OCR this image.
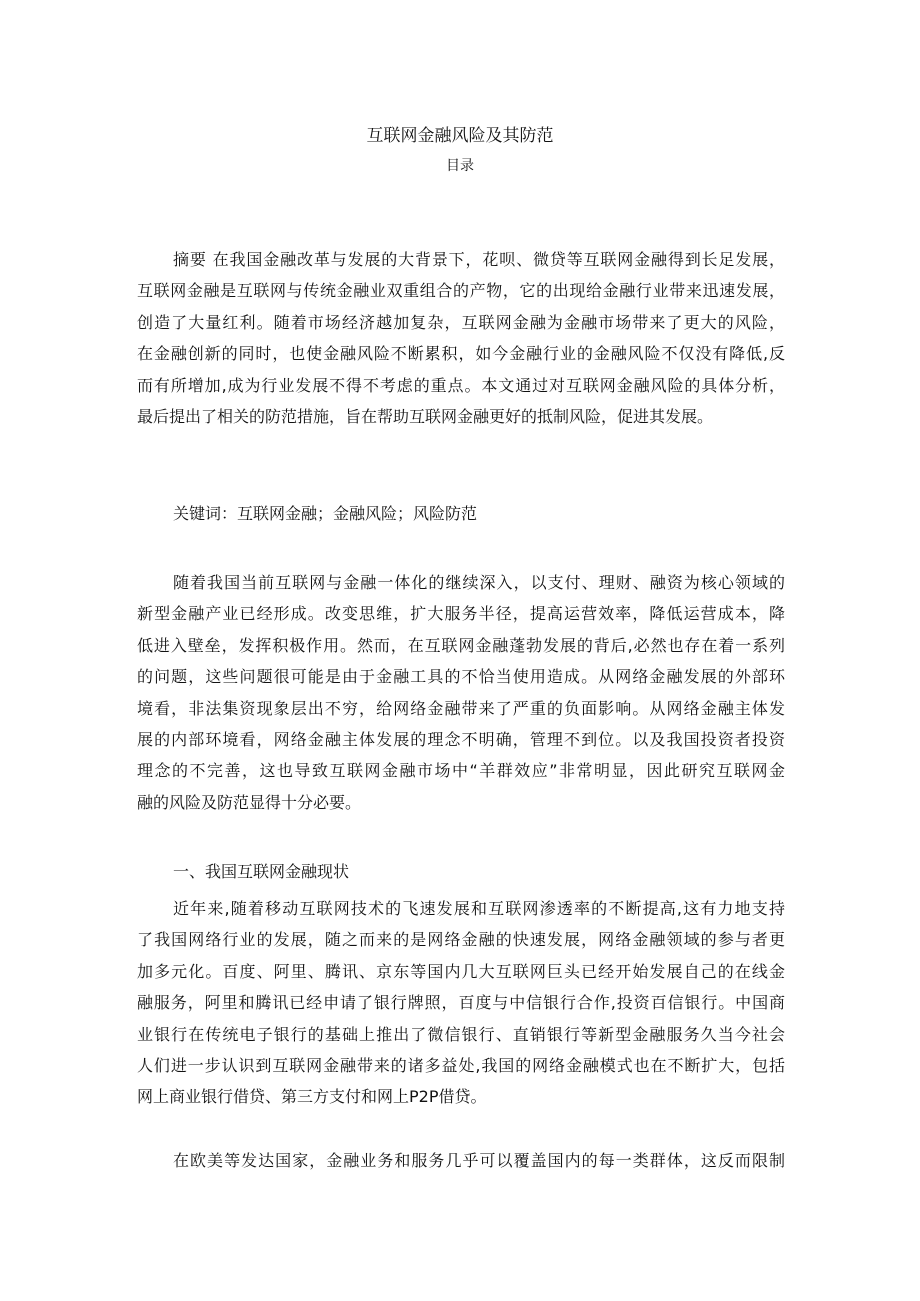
互联网金融风险及其防范
目录
摘要 在我国金融改革与发展的大背景下，花呗、微贷等互联网金融得到长足发展，
互联网金融是互联网与传统金融业双重组合的产物，它的出现给金融行业带来迅速发展，
创造了大量红利。随着市场经济越加复杂，互联网金融为金融市场带来了更大的风险，
在金融创新的同时，也使金融风险不断累积，如今金融行业的金融风险不仅没有降低,反
而有所增加,成为行业发展不得不考虑的重点。本文通过对互联网金融风险的具体分析，
最后提出了相关的防范措施，旨在帮助互联网金融更好的抵制风险，促进其发展。
关键词：互联网金融；金融风险；风险防范
随着我国当前互联网与金融一体化的继续深入，以支付、理财、融资为核心领域的
新型金融产业已经形成。改变思维，扩大服务半径，提高运营效率，降低运营成本，降
低进入壁垒，发挥积极作用。然而，在互联网金融蓬勃发展的背后,必然也存在着一系列
的问题，这些问题很可能是由于金融工具的不恰当使用造成。从网络金融发展的外部环
境看，非法集资现象层出不穷，给网络金融带来了严重的负面影响。从网络金融主体发
展的内部环境看，网络金融主体发展的理念不明确，管理不到位。以及我国投资者投资
理念的不完善，这也导致互联网金融市场中“羊群效应”非常明显，因此研究互联网金
融的风险及防范显得十分必要。
一、我国互联网金融现状
近年来,随着移动互联网技术的飞速发展和互联网渗透率的不断提高,这有力地支持
了我国网络行业的发展，随之而来的是网络金融的快速发展，网络金融领域的参与者更
加多元化。百度、阿里、腾讯、京东等国内几大互联网巨头已经开始发展自己的在线金
融服务，阿里和腾讯已经申请了银行牌照，百度与中信银行合作,投资百信银行。中国商
业银行在传统电子银行的基础上推出了微信银行、直销银行等新型金融服务久当今社会
人们进一步认识到互联网金融带来的诸多益处,我国的网络金融模式也在不断扩大，包括
网上商业银行借贷、第三方支付和网上P2P借贷。
在欧美等发达国家，金融业务和服务几乎可以覆盖国内的每一类群体，这反而限制
